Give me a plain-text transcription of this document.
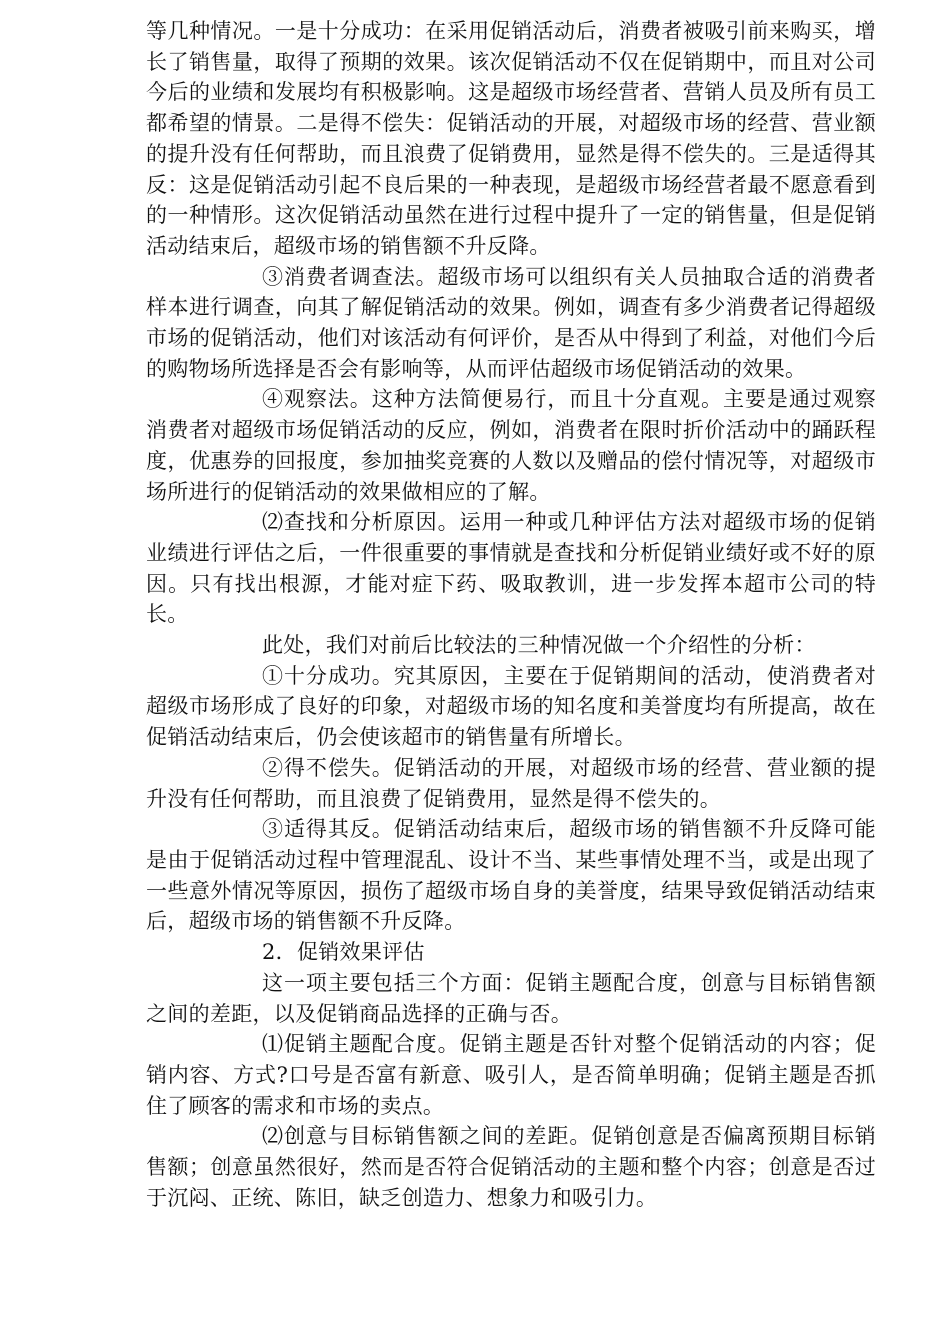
等几种情况。一是十分成功：在采用促销活动后，消费者被吸引前来购买，增长了销售量，取得了预期的效果。该次促销活动不仅在促销期中，而且对公司今后的业绩和发展均有积极影响。这是超级市场经营者、营销人员及所有员工都希望的情景。二是得不偿失：促销活动的开展，对超级市场的经营、营业额的提升没有任何帮助，而且浪费了促销费用，显然是得不偿失的。三是适得其反：这是促销活动引起不良后果的一种表现，是超级市场经营者最不愿意看到的一种情形。这次促销活动虽然在进行过程中提升了一定的销售量，但是促销活动结束后，超级市场的销售额不升反降。

③消费者调查法。超级市场可以组织有关人员抽取合适的消费者样本进行调查，向其了解促销活动的效果。例如，调查有多少消费者记得超级市场的促销活动，他们对该活动有何评价，是否从中得到了利益，对他们今后的购物场所选择是否会有影响等，从而评估超级市场促销活动的效果。

④观察法。这种方法简便易行，而且十分直观。主要是通过观察消费者对超级市场促销活动的反应，例如，消费者在限时折价活动中的踊跃程度，优惠券的回报度，参加抽奖竞赛的人数以及赠品的偿付情况等，对超级市场所进行的促销活动的效果做相应的了解。

⑵查找和分析原因。运用一种或几种评估方法对超级市场的促销业绩进行评估之后，一件很重要的事情就是查找和分析促销业绩好或不好的原因。只有找出根源，才能对症下药、吸取教训，进一步发挥本超市公司的特长。

此处，我们对前后比较法的三种情况做一个介绍性的分析：

①十分成功。究其原因，主要在于促销期间的活动，使消费者对超级市场形成了良好的印象，对超级市场的知名度和美誉度均有所提高，故在促销活动结束后，仍会使该超市的销售量有所增长。

②得不偿失。促销活动的开展，对超级市场的经营、营业额的提升没有任何帮助，而且浪费了促销费用，显然是得不偿失的。

③适得其反。促销活动结束后，超级市场的销售额不升反降可能是由于促销活动过程中管理混乱、设计不当、某些事情处理不当，或是出现了一些意外情况等原因，损伤了超级市场自身的美誉度，结果导致促销活动结束后，超级市场的销售额不升反降。

2．促销效果评估

这一项主要包括三个方面：促销主题配合度，创意与目标销售额之间的差距，以及促销商品选择的正确与否。

⑴促销主题配合度。促销主题是否针对整个促销活动的内容；促销内容、方式?口号是否富有新意、吸引人，是否简单明确；促销主题是否抓住了顾客的需求和市场的卖点。

⑵创意与目标销售额之间的差距。促销创意是否偏离预期目标销售额；创意虽然很好，然而是否符合促销活动的主题和整个内容；创意是否过于沉闷、正统、陈旧，缺乏创造力、想象力和吸引力。
